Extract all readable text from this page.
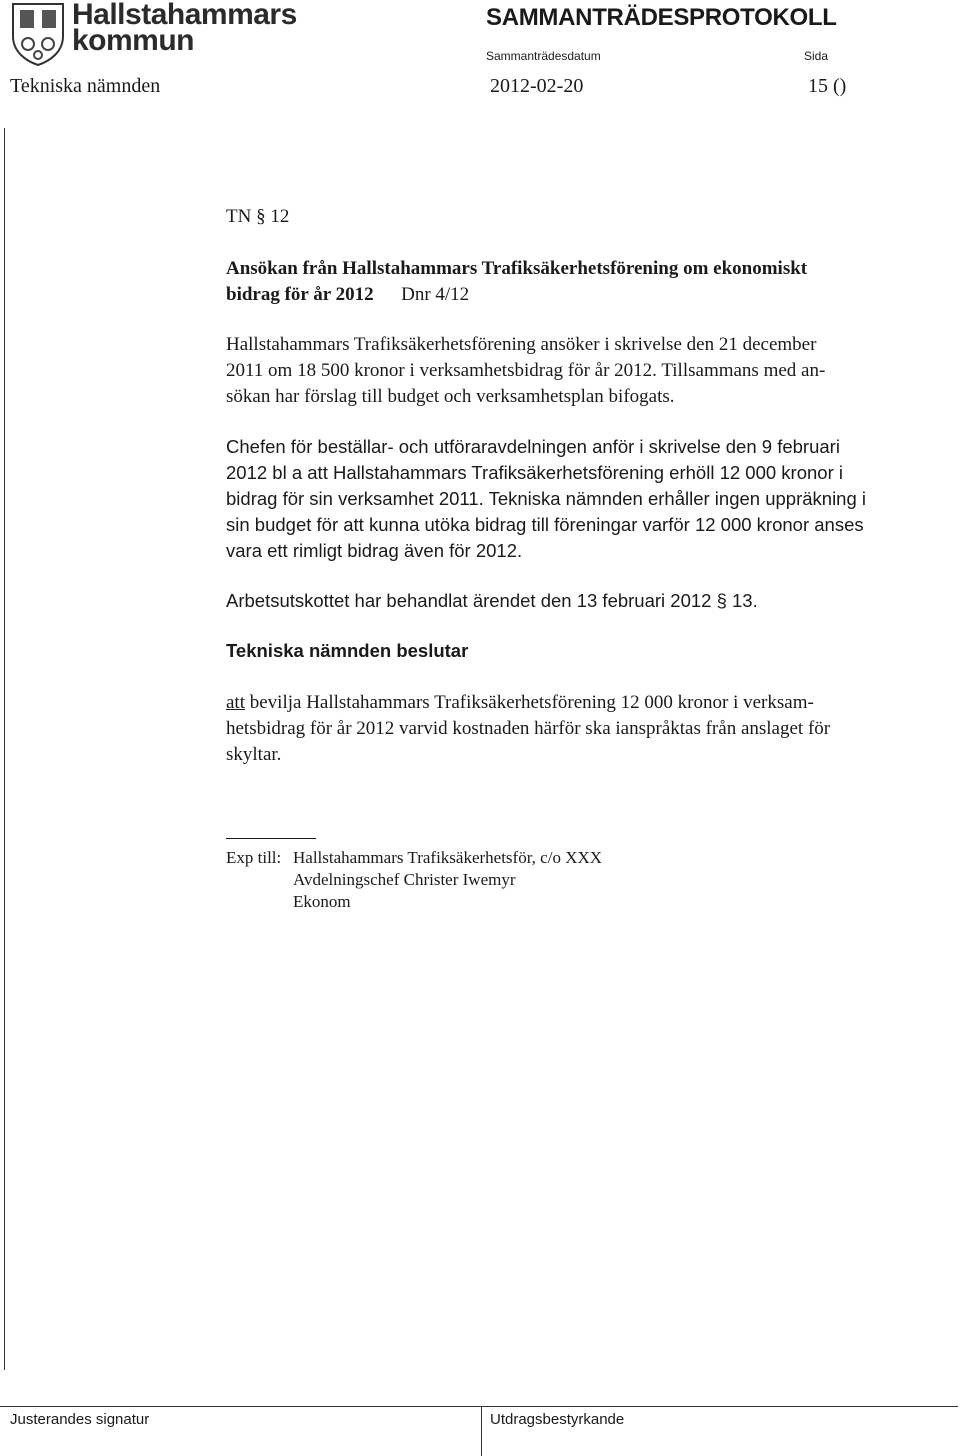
Hallstahammars
kommun
SAMMANTRÄDESPROTOKOLL
Sammanträdesdatum	Sida
Tekniska nämnden	2012-02-20	15 ()

TN § 12

Ansökan från Hallstahammars Trafiksäkerhetsförening om ekonomiskt

bidrag för år 2012 Dnr 4/12

Hallstahammars Trafiksäkerhetsförening ansöker i skrivelse den 21 december

2011 om 18 500 kronor i verksamhetsbidrag för år 2012. Tillsammans med an-

sökan har förslag till budget och verksamhetsplan bifogats.

Chefen för beställar- och utföraravdelningen anför i skrivelse den 9 februari

2012 bl a att Hallstahammars Trafiksäkerhetsförening erhöll 12 000 kronor i

bidrag för sin verksamhet 2011. Tekniska nämnden erhåller ingen uppräkning i

sin budget för att kunna utöka bidrag till föreningar varför 12 000 kronor anses

vara ett rimligt bidrag även för 2012.

Arbetsutskottet har behandlat ärendet den 13 februari 2012 § 13.

Tekniska nämnden beslutar

att bevilja Hallstahammars Trafiksäkerhetsförening 12 000 kronor i verksam-

hetsbidrag för år 2012 varvid kostnaden härför ska ianspråktas från anslaget för

skyltar.

Exp till: Hallstahammars Trafiksäkerhetsför, c/o XXX
Avdelningschef Christer Iwemyr
Ekonom
Justerandes signatur	Utdragsbestyrkande
